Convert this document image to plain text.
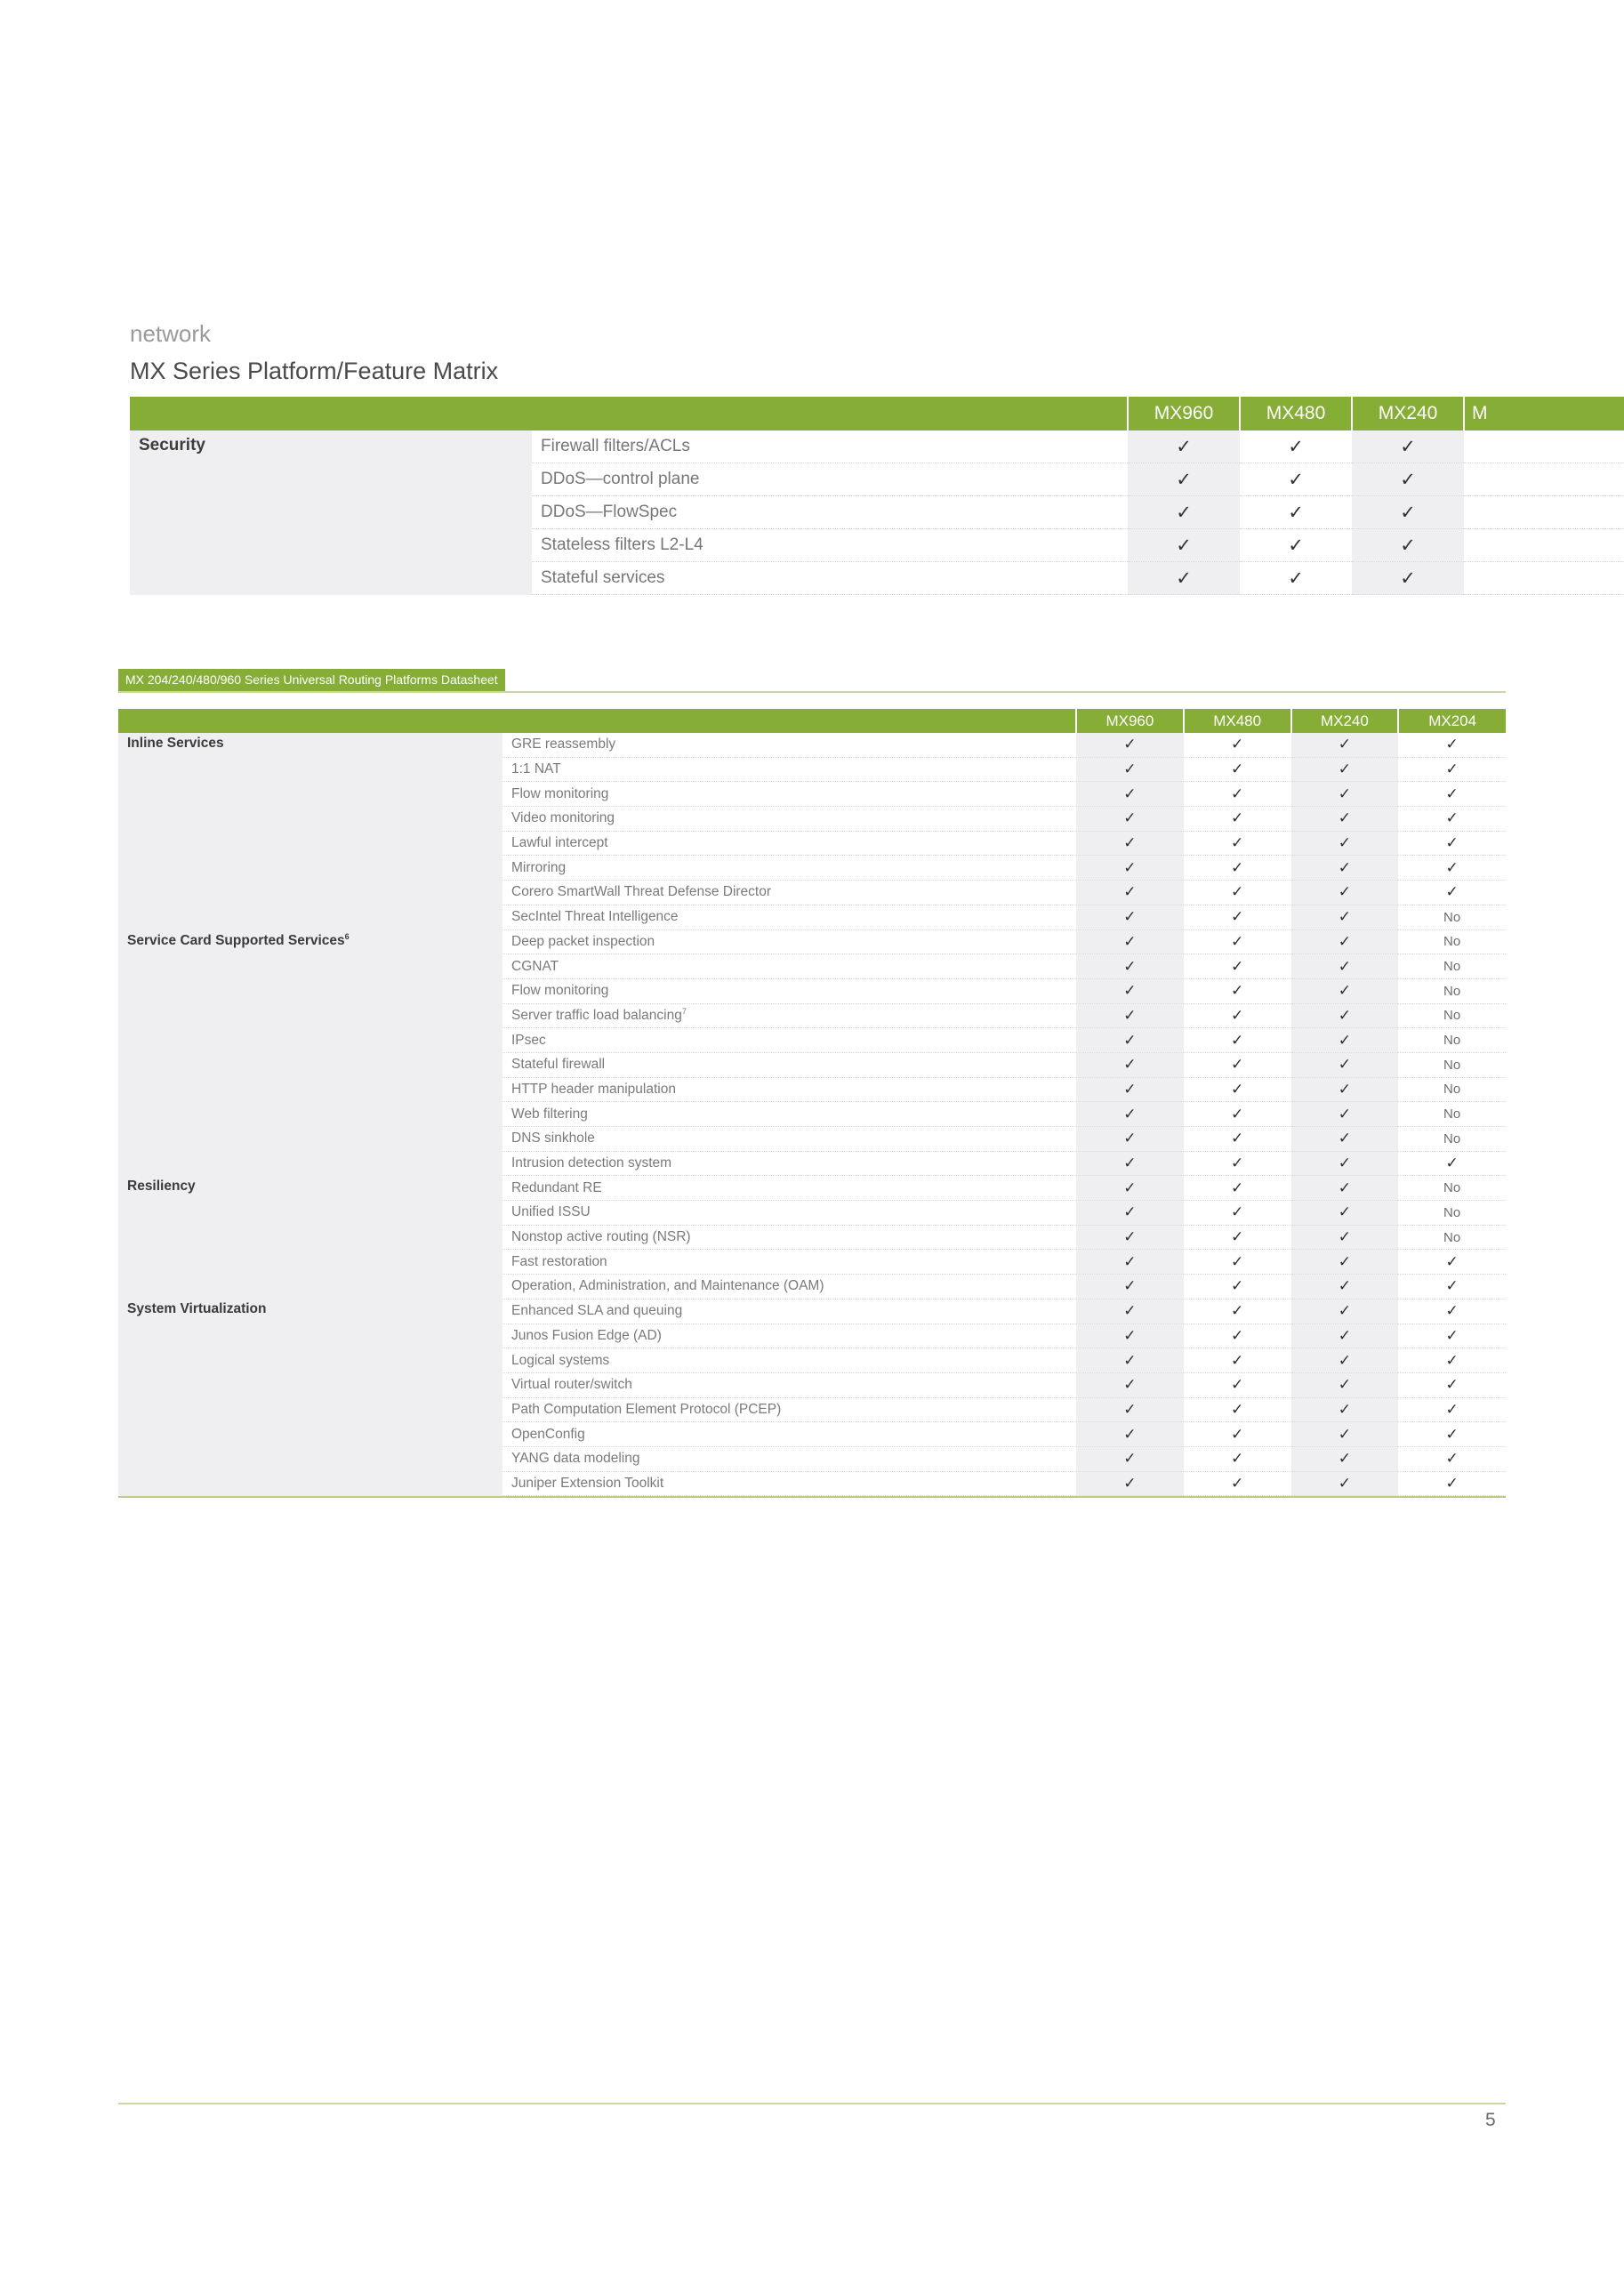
network
MX Series Platform/Feature Matrix
		MX960	MX480	MX240	M
Security	Firewall filters/ACLs	✓	✓	✓	
	DDoS—control plane	✓	✓	✓	
	DDoS—FlowSpec	✓	✓	✓	
	Stateless filters L2-L4	✓	✓	✓	
	Stateful services	✓	✓	✓	
MX 204/240/480/960 Series Universal Routing Platforms Datasheet
		MX960	MX480	MX240	MX204
Inline Services	GRE reassembly	✓	✓	✓	✓
	1:1 NAT	✓	✓	✓	✓
	Flow monitoring	✓	✓	✓	✓
	Video monitoring	✓	✓	✓	✓
	Lawful intercept	✓	✓	✓	✓
	Mirroring	✓	✓	✓	✓
	Corero SmartWall Threat Defense Director	✓	✓	✓	✓
	SecIntel Threat Intelligence	✓	✓	✓	No
Service Card Supported Services$^6$	Deep packet inspection	✓	✓	✓	No
	CGNAT	✓	✓	✓	No
	Flow monitoring	✓	✓	✓	No
	Server traffic load balancing$^7$	✓	✓	✓	No
	IPsec	✓	✓	✓	No
	Stateful firewall	✓	✓	✓	No
	HTTP header manipulation	✓	✓	✓	No
	Web filtering	✓	✓	✓	No
	DNS sinkhole	✓	✓	✓	No
	Intrusion detection system	✓	✓	✓	✓
Resiliency	Redundant RE	✓	✓	✓	No
	Unified ISSU	✓	✓	✓	No
	Nonstop active routing (NSR)	✓	✓	✓	No
	Fast restoration	✓	✓	✓	✓
	Operation, Administration, and Maintenance (OAM)	✓	✓	✓	✓
System Virtualization	Enhanced SLA and queuing	✓	✓	✓	✓
	Junos Fusion Edge (AD)	✓	✓	✓	✓
	Logical systems	✓	✓	✓	✓
	Virtual router/switch	✓	✓	✓	✓
	Path Computation Element Protocol (PCEP)	✓	✓	✓	✓
	OpenConfig	✓	✓	✓	✓
	YANG data modeling	✓	✓	✓	✓
	Juniper Extension Toolkit	✓	✓	✓	✓
5
